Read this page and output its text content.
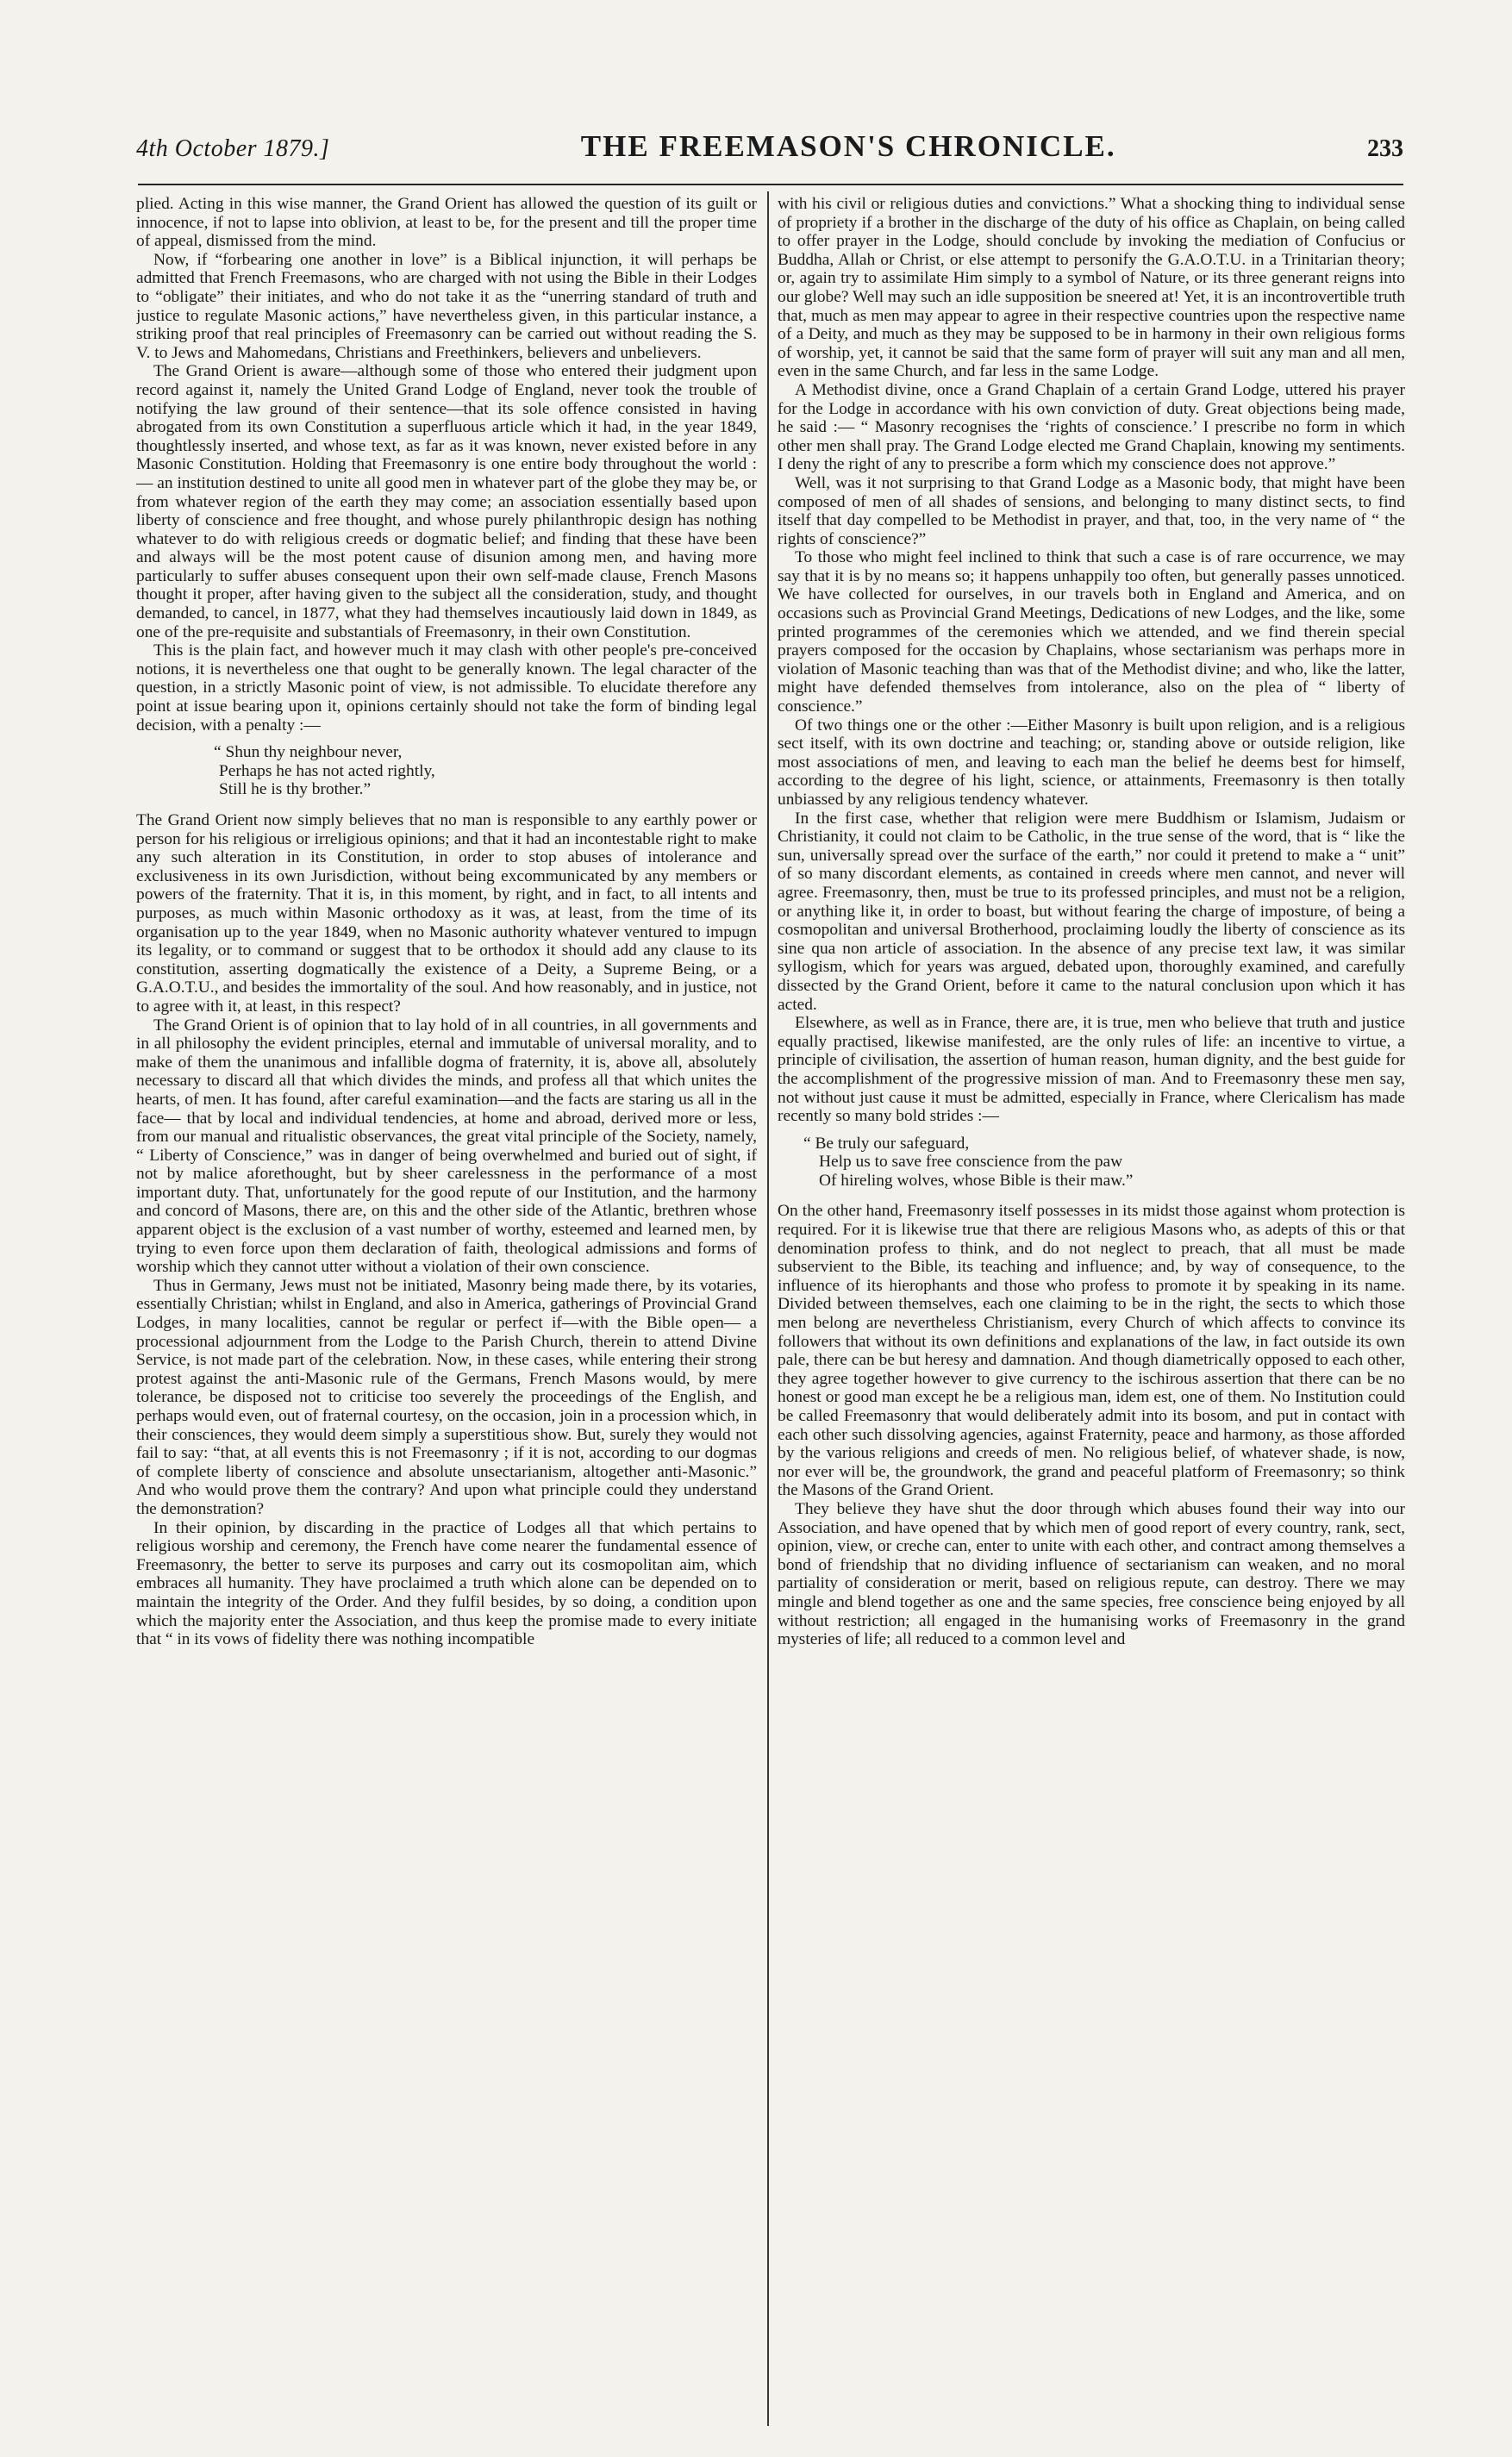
4th October 1879.]	THE FREEMASON'S CHRONICLE.	233

plied. Acting in this wise manner, the Grand Orient has allowed the question of its guilt or innocence, if not to lapse into oblivion, at least to be, for the present and till the proper time of appeal, dismissed from the mind.

Now, if “forbearing one another in love” is a Biblical injunction, it will perhaps be admitted that French Freemasons, who are charged with not using the Bible in their Lodges to “obligate” their initiates, and who do not take it as the “unerring standard of truth and justice to regulate Masonic actions,” have nevertheless given, in this particular instance, a striking proof that real principles of Freemasonry can be carried out without reading the S. V. to Jews and Mahomedans, Christians and Freethinkers, believers and unbelievers.

The Grand Orient is aware—although some of those who entered their judgment upon record against it, namely the United Grand Lodge of England, never took the trouble of notifying the law ground of their sentence—that its sole offence consisted in having abrogated from its own Constitution a superfluous article which it had, in the year 1849, thoughtlessly inserted, and whose text, as far as it was known, never existed before in any Masonic Constitution. Holding that Freemasonry is one entire body throughout the world :— an institution destined to unite all good men in whatever part of the globe they may be, or from whatever region of the earth they may come; an association essentially based upon liberty of conscience and free thought, and whose purely philanthropic design has nothing whatever to do with religious creeds or dogmatic belief; and finding that these have been and always will be the most potent cause of disunion among men, and having more particularly to suffer abuses consequent upon their own self-made clause, French Masons thought it proper, after having given to the subject all the consideration, study, and thought demanded, to cancel, in 1877, what they had themselves incautiously laid down in 1849, as one of the pre-requisite and substantials of Freemasonry, in their own Constitution.

This is the plain fact, and however much it may clash with other people's pre-conceived notions, it is nevertheless one that ought to be generally known. The legal character of the question, in a strictly Masonic point of view, is not admissible. To elucidate therefore any point at issue bearing upon it, opinions certainly should not take the form of binding legal decision, with a penalty :—

“ Shun thy neighbour never,
Perhaps he has not acted rightly,
Still he is thy brother.”

The Grand Orient now simply believes that no man is responsible to any earthly power or person for his religious or irreligious opinions; and that it had an incontestable right to make any such alteration in its Constitution, in order to stop abuses of intolerance and exclusiveness in its own Jurisdiction, without being excommunicated by any members or powers of the fraternity. That it is, in this moment, by right, and in fact, to all intents and purposes, as much within Masonic orthodoxy as it was, at least, from the time of its organisation up to the year 1849, when no Masonic authority whatever ventured to impugn its legality, or to command or suggest that to be orthodox it should add any clause to its constitution, asserting dogmatically the existence of a Deity, a Supreme Being, or a G.A.O.T.U., and besides the immortality of the soul. And how reasonably, and in justice, not to agree with it, at least, in this respect?

The Grand Orient is of opinion that to lay hold of in all countries, in all governments and in all philosophy the evident principles, eternal and immutable of universal morality, and to make of them the unanimous and infallible dogma of fraternity, it is, above all, absolutely necessary to discard all that which divides the minds, and profess all that which unites the hearts, of men. It has found, after careful examination—and the facts are staring us all in the face— that by local and individual tendencies, at home and abroad, derived more or less, from our manual and ritualistic observances, the great vital principle of the Society, namely, “ Liberty of Conscience,” was in danger of being overwhelmed and buried out of sight, if not by malice aforethought, but by sheer carelessness in the performance of a most important duty. That, unfortunately for the good repute of our Institution, and the harmony and concord of Masons, there are, on this and the other side of the Atlantic, brethren whose apparent object is the exclusion of a vast number of worthy, esteemed and learned men, by trying to even force upon them declaration of faith, theological admissions and forms of worship which they cannot utter without a violation of their own conscience.

Thus in Germany, Jews must not be initiated, Masonry being made there, by its votaries, essentially Christian; whilst in England, and also in America, gatherings of Provincial Grand Lodges, in many localities, cannot be regular or perfect if—with the Bible open— a processional adjournment from the Lodge to the Parish Church, therein to attend Divine Service, is not made part of the celebration. Now, in these cases, while entering their strong protest against the anti-Masonic rule of the Germans, French Masons would, by mere tolerance, be disposed not to criticise too severely the proceedings of the English, and perhaps would even, out of fraternal courtesy, on the occasion, join in a procession which, in their consciences, they would deem simply a superstitious show. But, surely they would not fail to say: “that, at all events this is not Freemasonry ; if it is not, according to our dogmas of complete liberty of conscience and absolute unsectarianism, altogether anti-Masonic.” And who would prove them the contrary? And upon what principle could they understand the demonstration?

In their opinion, by discarding in the practice of Lodges all that which pertains to religious worship and ceremony, the French have come nearer the fundamental essence of Freemasonry, the better to serve its purposes and carry out its cosmopolitan aim, which embraces all humanity. They have proclaimed a truth which alone can be depended on to maintain the integrity of the Order. And they fulfil besides, by so doing, a condition upon which the majority enter the Association, and thus keep the promise made to every initiate that “ in its vows of fidelity there was nothing incompatible

with his civil or religious duties and convictions.” What a shocking thing to individual sense of propriety if a brother in the discharge of the duty of his office as Chaplain, on being called to offer prayer in the Lodge, should conclude by invoking the mediation of Confucius or Buddha, Allah or Christ, or else attempt to personify the G.A.O.T.U. in a Trinitarian theory; or, again try to assimilate Him simply to a symbol of Nature, or its three generant reigns into our globe? Well may such an idle supposition be sneered at! Yet, it is an incontrovertible truth that, much as men may appear to agree in their respective countries upon the respective name of a Deity, and much as they may be supposed to be in harmony in their own religious forms of worship, yet, it cannot be said that the same form of prayer will suit any man and all men, even in the same Church, and far less in the same Lodge.

A Methodist divine, once a Grand Chaplain of a certain Grand Lodge, uttered his prayer for the Lodge in accordance with his own conviction of duty. Great objections being made, he said :— “ Masonry recognises the ‘rights of conscience.’ I prescribe no form in which other men shall pray. The Grand Lodge elected me Grand Chaplain, knowing my sentiments. I deny the right of any to prescribe a form which my conscience does not approve.”

Well, was it not surprising to that Grand Lodge as a Masonic body, that might have been composed of men of all shades of sensions, and belonging to many distinct sects, to find itself that day compelled to be Methodist in prayer, and that, too, in the very name of “ the rights of conscience?”

To those who might feel inclined to think that such a case is of rare occurrence, we may say that it is by no means so; it happens unhappily too often, but generally passes unnoticed. We have collected for ourselves, in our travels both in England and America, and on occasions such as Provincial Grand Meetings, Dedications of new Lodges, and the like, some printed programmes of the ceremonies which we attended, and we find therein special prayers composed for the occasion by Chaplains, whose sectarianism was perhaps more in violation of Masonic teaching than was that of the Methodist divine; and who, like the latter, might have defended themselves from intolerance, also on the plea of “ liberty of conscience.”

Of two things one or the other :—Either Masonry is built upon religion, and is a religious sect itself, with its own doctrine and teaching; or, standing above or outside religion, like most associations of men, and leaving to each man the belief he deems best for himself, according to the degree of his light, science, or attainments, Freemasonry is then totally unbiassed by any religious tendency whatever.

In the first case, whether that religion were mere Buddhism or Islamism, Judaism or Christianity, it could not claim to be Catholic, in the true sense of the word, that is “ like the sun, universally spread over the surface of the earth,” nor could it pretend to make a “ unit” of so many discordant elements, as contained in creeds where men cannot, and never will agree. Freemasonry, then, must be true to its professed principles, and must not be a religion, or anything like it, in order to boast, but without fearing the charge of imposture, of being a cosmopolitan and universal Brotherhood, proclaiming loudly the liberty of conscience as its sine qua non article of association. In the absence of any precise text law, it was similar syllogism, which for years was argued, debated upon, thoroughly examined, and carefully dissected by the Grand Orient, before it came to the natural conclusion upon which it has acted.

Elsewhere, as well as in France, there are, it is true, men who believe that truth and justice equally practised, likewise manifested, are the only rules of life: an incentive to virtue, a principle of civilisation, the assertion of human reason, human dignity, and the best guide for the accomplishment of the progressive mission of man. And to Freemasonry these men say, not without just cause it must be admitted, especially in France, where Clericalism has made recently so many bold strides :—

“ Be truly our safeguard,
Help us to save free conscience from the paw
Of hireling wolves, whose Bible is their maw.”

On the other hand, Freemasonry itself possesses in its midst those against whom protection is required. For it is likewise true that there are religious Masons who, as adepts of this or that denomination profess to think, and do not neglect to preach, that all must be made subservient to the Bible, its teaching and influence; and, by way of consequence, to the influence of its hierophants and those who profess to promote it by speaking in its name. Divided between themselves, each one claiming to be in the right, the sects to which those men belong are nevertheless Christianism, every Church of which affects to convince its followers that without its own definitions and explanations of the law, in fact outside its own pale, there can be but heresy and damnation. And though diametrically opposed to each other, they agree together however to give currency to the ischirous assertion that there can be no honest or good man except he be a religious man, idem est, one of them. No Institution could be called Freemasonry that would deliberately admit into its bosom, and put in contact with each other such dissolving agencies, against Fraternity, peace and harmony, as those afforded by the various religions and creeds of men. No religious belief, of whatever shade, is now, nor ever will be, the groundwork, the grand and peaceful platform of Freemasonry; so think the Masons of the Grand Orient.

They believe they have shut the door through which abuses found their way into our Association, and have opened that by which men of good report of every country, rank, sect, opinion, view, or creche can, enter to unite with each other, and contract among themselves a bond of friendship that no dividing influence of sectarianism can weaken, and no moral partiality of consideration or merit, based on religious repute, can destroy. There we may mingle and blend together as one and the same species, free conscience being enjoyed by all without restriction; all engaged in the humanising works of Freemasonry in the grand mysteries of life; all reduced to a common level and
